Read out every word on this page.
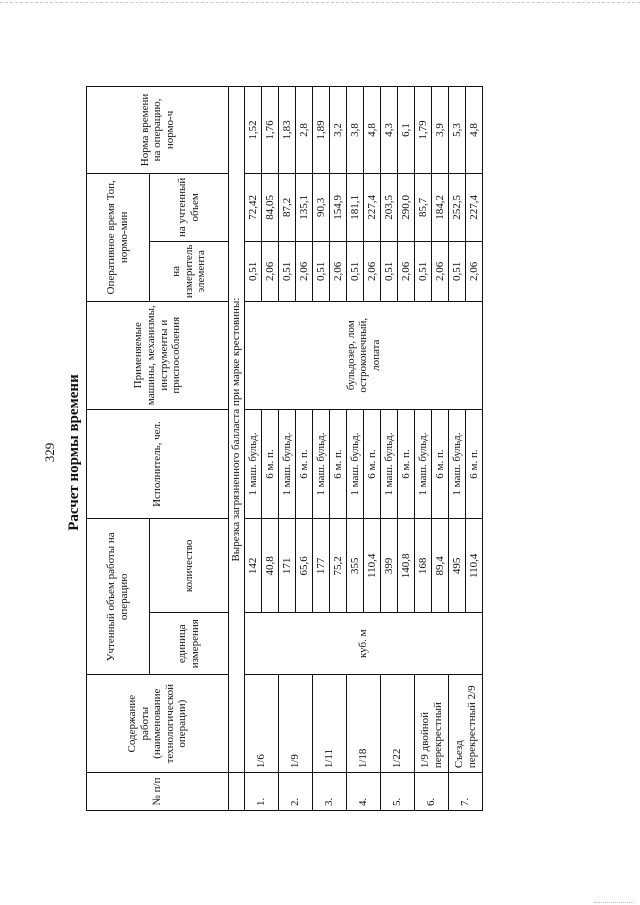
329 Расчет нормы времени
№ п/п	Содержание работы (наименование технологической операции)	Учтенный объем работы на операцию		Исполнитель, чел.	Применяемые машины, механизмы, инструменты и приспособления	Оперативное время Топ, нормо-мин		Норма времени на операцию, нормо-ч
		единица измерения	количество			на измеритель элемента	на учтенный объем	
	Вырезка загрязненного балласта при марке крестовины:							
1.	1/6	куб. м	142	1 маш. бульд.	бульдозер, лом остроконечный, лопата	0,51	72,42	1,52
			40,8	6 м. п.		2,06	84,05	1,76
2.	1/9		171	1 маш. бульд.		0,51	87,2	1,83
			65,6	6 м. п.		2,06	135,1	2,8
3.	1/11		177	1 маш. бульд.		0,51	90,3	1,89
			75,2	6 м. п.		2,06	154,9	3,2
4.	1/18		355	1 маш. бульд.		0,51	181,1	3,8
			110,4	6 м. п.		2,06	227,4	4,8
5.	1/22		399	1 маш. бульд.		0,51	203,5	4,3
			140,8	6 м. п.		2,06	290,0	6,1
6.	1/9 двойной перекрестный		168	1 маш. бульд.		0,51	85,7	1,79
			89,4	6 м. п.		2,06	184,2	3,9
7.	Съезд перекрестный 2/9		495	1 маш. бульд.		0,51	252,5	5,3
			110,4	6 м. п.		2,06	227,4	4,8
